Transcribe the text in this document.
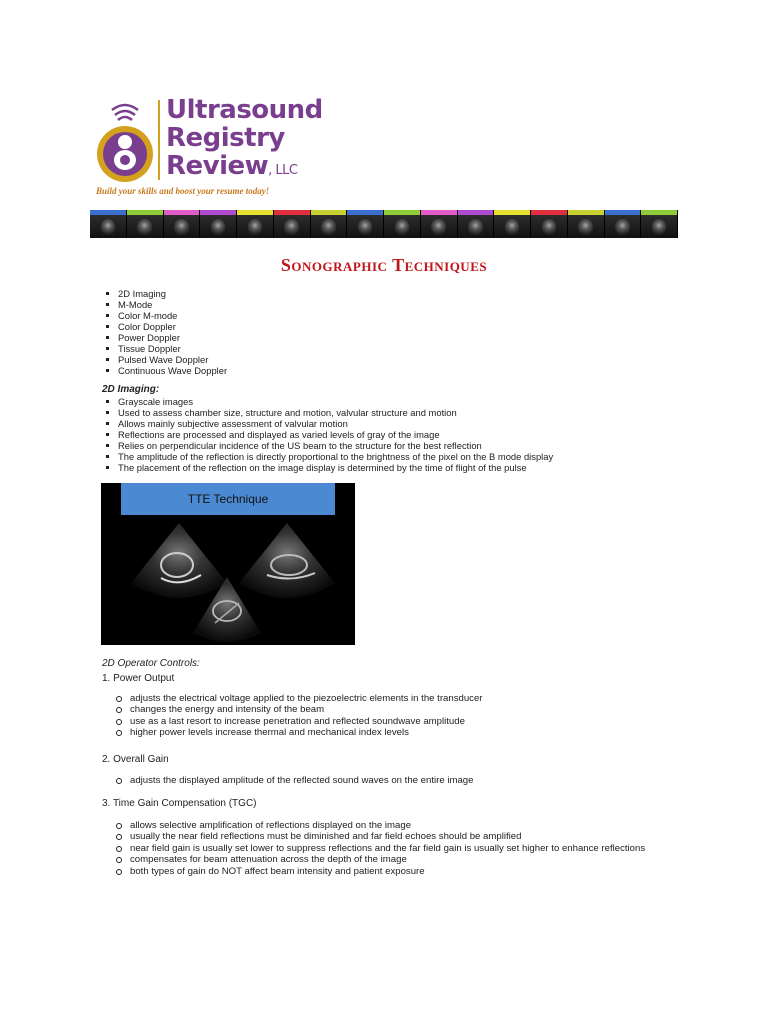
Ultrasound
Registry
Review, LLC
Build your skills and boost your resume today!
Sonographic Techniques
2D Imaging
M-Mode
Color M-mode
Color Doppler
Power Doppler
Tissue Doppler
Pulsed Wave Doppler
Continuous Wave Doppler
2D Imaging:
Grayscale images
Used to assess chamber size, structure and motion, valvular structure and motion
Allows mainly subjective assessment of valvular motion
Reflections are processed and displayed as varied levels of gray of the image
Relies on perpendicular incidence of the US beam to the structure for the best reflection
The amplitude of the reflection is directly proportional to the brightness of the pixel on the B mode display
The placement of the reflection on the image display is determined by the time of flight of the pulse
TTE Technique
2D Operator Controls:
1. Power Output
adjusts the electrical voltage applied to the piezoelectric elements in the transducer
changes the energy and intensity of the beam
use as a last resort to increase penetration and reflected soundwave amplitude
higher power levels increase thermal and mechanical index levels
2. Overall Gain
adjusts the displayed amplitude of the reflected sound waves on the entire image
3. Time Gain Compensation (TGC)
allows selective amplification of reflections displayed on the image
usually the near field reflections must be diminished and far field echoes should be amplified
near field gain is usually set lower to suppress reflections and the far field gain is usually set higher to enhance reflections
compensates for beam attenuation across the depth of the image
both types of gain do NOT affect beam intensity and patient exposure
